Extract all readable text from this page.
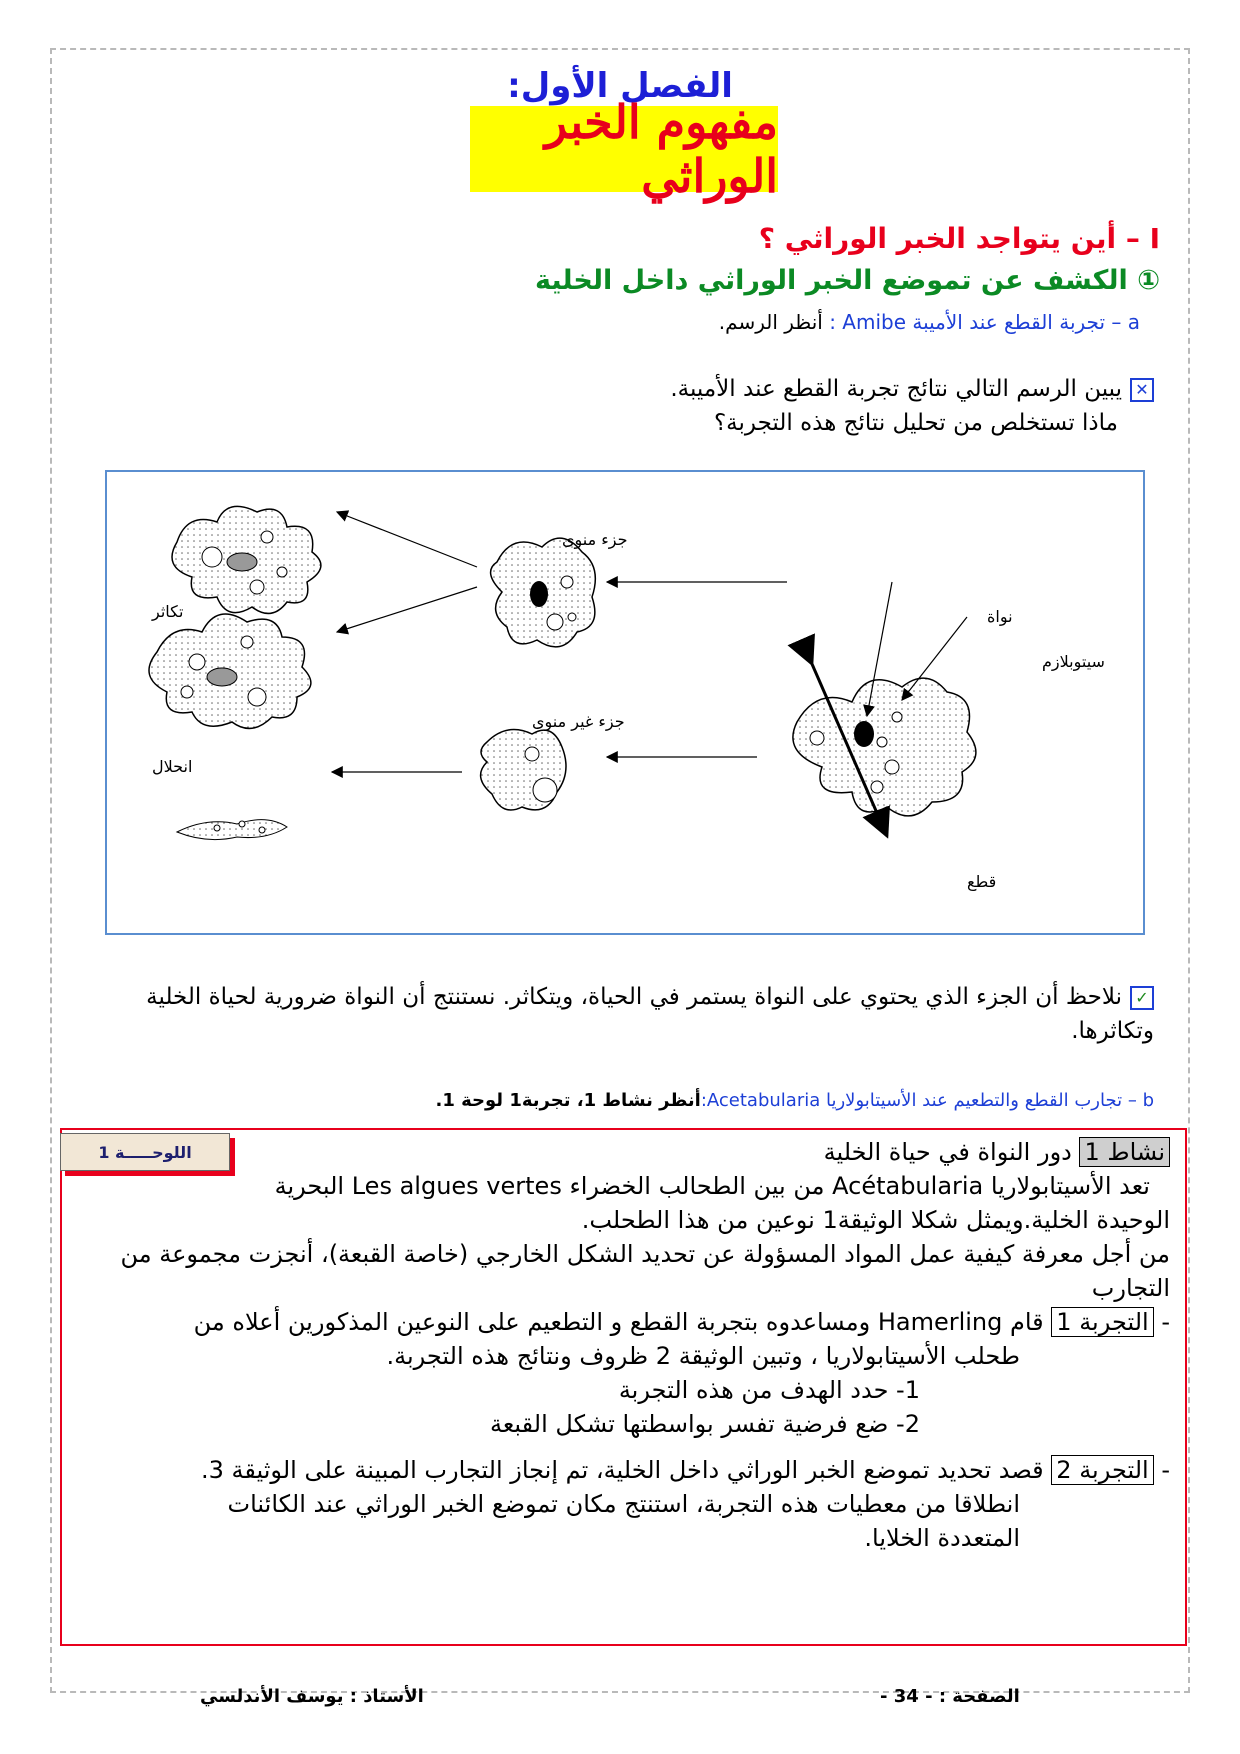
الفصل الأول:
مفهوم الخبر الوراثي
I – أين يتواجد الخبر الوراثي ؟
① الكشف عن تموضع الخبر الوراثي داخل الخلية
a – تجربة القطع عند الأميبة Amibe : أنظر الرسم.
✕يبين الرسم التالي نتائج تجربة القطع عند الأميبة.
ماذا تستخلص من تحليل نتائج هذه التجربة؟
جزء منوى
تكاثر	نواة
سيتوبلازم
جزء غير منوى
انحلال
قطع
✓نلاحظ أن الجزء الذي يحتوي على النواة يستمر في الحياة، ويتكاثر. نستنتج أن النواة ضرورية لحياة الخلية وتكاثرها.
b – تجارب القطع والتطعيم عند الأسيتابولاريا Acetabularia:أنظر نشاط 1، تجربة1 لوحة 1.
اللوحـــــة 1	نشاط 1 دور النواة في حياة الخلية
تعد الأسيتابولاريا Acétabularia من بين الطحالب الخضراء Les algues vertes البحرية
الوحيدة الخلية.ويمثل شكلا الوثيقة1 نوعين من هذا الطحلب.
من أجل معرفة كيفية عمل المواد المسؤولة عن تحديد الشكل الخارجي (خاصة القبعة)، أنجزت مجموعة من التجارب
- التجربة 1 قام Hamerling ومساعدوه بتجربة القطع و التطعيم على النوعين المذكورين أعلاه من
طحلب الأسيتابولاريا ، وتبين الوثيقة 2 ظروف ونتائج هذه التجربة.
1- حدد الهدف من هذه التجربة
2- ضع فرضية تفسر بواسطتها تشكل القبعة
- التجربة 2 قصد تحديد تموضع الخبر الوراثي داخل الخلية، تم إنجاز التجارب المبينة على الوثيقة 3.
انطلاقا من معطيات هذه التجربة، استنتج مكان تموضع الخبر الوراثي عند الكائنات
المتعددة الخلايا.
الصفحة : - 34 -
الأستاذ : يوسف الأندلسي
